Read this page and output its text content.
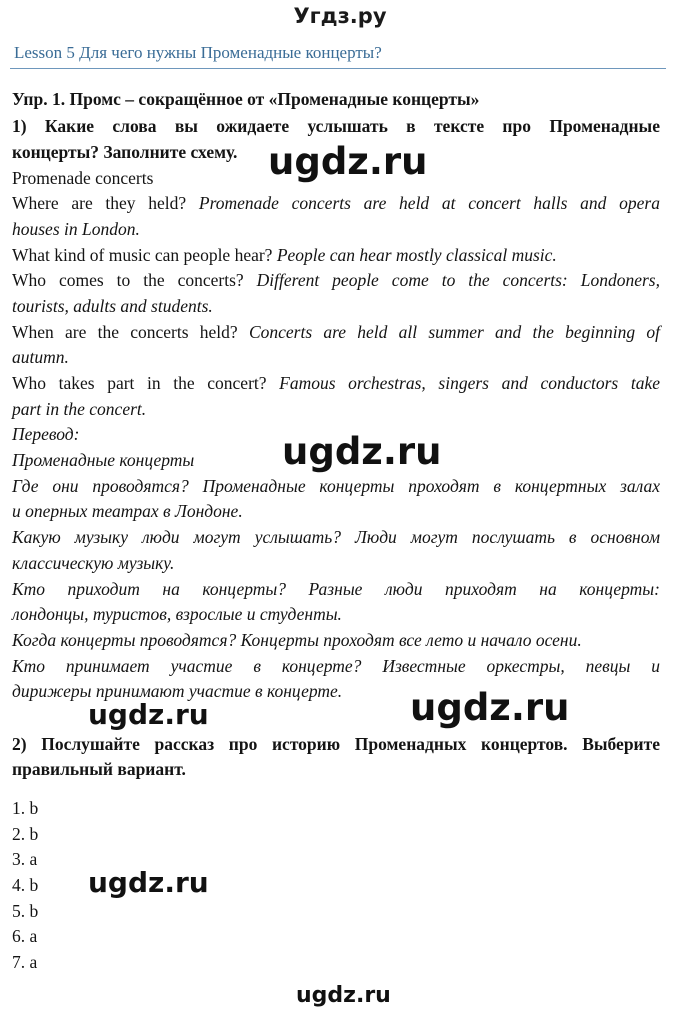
Угдз.ру
Lesson 5 Для чего нужны Променадные концерты?
Упр. 1. Промс – сокращённое от «Променадные концерты»
1) Какие слова вы ожидаете услышать в тексте про Променадные
концерты? Заполните схему.
Promenade concerts
Where are they held? Promenade concerts are held at concert halls and opera
houses in London.
What kind of music can people hear? People can hear mostly classical music.
Who comes to the concerts? Different people come to the concerts: Londoners,
tourists, adults and students.
When are the concerts held? Concerts are held all summer and the beginning of
autumn.
Who takes part in the concert? Famous orchestras, singers and conductors take
part in the concert.
Перевод:
Променадные концерты
Где они проводятся? Променадные концерты проходят в концертных залах
и оперных театрах в Лондоне.
Какую музыку люди могут услышать? Люди могут послушать в основном
классическую музыку.
Кто приходит на концерты? Разные люди приходят на концерты:
лондонцы, туристов, взрослые и студенты.
Когда концерты проводятся? Концерты проходят все лето и начало осени.
Кто принимает участие в концерте? Известные оркестры, певцы и
дирижеры принимают участие в концерте.
2) Послушайте рассказ про историю Променадных концертов. Выберите
правильный вариант.
1. b
2. b
3. a
4. b
5. b
6. a
7. a
ugdz.ru
ugdz.ru
ugdz.ru	ugdz.ru
ugdz.ru
ugdz.ru
